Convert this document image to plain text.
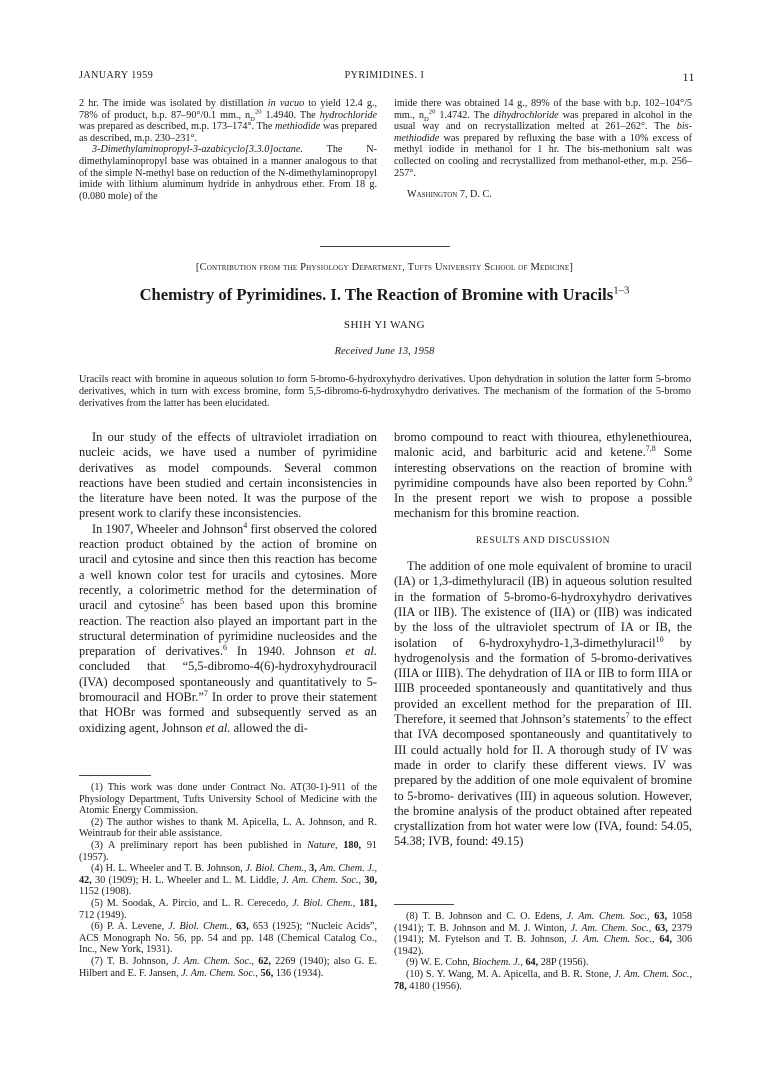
JANUARY 1959	PYRIMIDINES. I	11

2 hr. The imide was isolated by distillation in vacuo to yield 12.4 g., 78% of product, b.p. 87–90°/0.1 mm., $n_D^{20}$ 1.4940. The hydrochloride was prepared as described, m.p. 173–174°. The methiodide was prepared as described, m.p. 230–231°.

3-Dimethylaminopropyl-3-azabicyclo[3.3.0]octane. The N-dimethylaminopropyl base was obtained in a manner analogous to that of the simple N-methyl base on reduction of the N-dimethylaminopropyl imide with lithium aluminum hydride in anhydrous ether. From 18 g. (0.080 mole) of the

imide there was obtained 14 g., 89% of the base with b.p. 102–104°/5 mm., $n_D^{20}$ 1.4742. The dihydrochloride was prepared in alcohol in the usual way and on recrystallization melted at 261–262°. The bis-methiodide was prepared by refluxing the base with a 10% excess of methyl iodide in methanol for 1 hr. The bis-methonium salt was collected on cooling and recrystallized from methanol-ether, m.p. 256–257°.

Washington 7, D. C.

[Contribution from the Physiology Department, Tufts University School of Medicine]
Chemistry of Pyrimidines. I. The Reaction of Bromine with Uracils$^{1-3}$
SHIH YI WANG
Received June 13, 1958
Uracils react with bromine in aqueous solution to form 5-bromo-6-hydroxyhydro derivatives. Upon dehydration in solution the latter form 5-bromo derivatives, which in turn with excess bromine, form 5,5-dibromo-6-hydroxyhydro derivatives. The mechanism of the formation of the 5-bromo derivatives from the latter has been elucidated.

In our study of the effects of ultraviolet irradiation on nucleic acids, we have used a number of pyrimidine derivatives as model compounds. Several common reactions have been studied and certain inconsistencies in the literature have been noted. It was the purpose of the present work to clarify these inconsistencies.

In 1907, Wheeler and Johnson$^4$ first observed the colored reaction product obtained by the action of bromine on uracil and cytosine and since then this reaction has become a well known color test for uracils and cytosines. More recently, a colorimetric method for the determination of uracil and cytosine$^5$ has been based upon this bromine reaction. The reaction also played an important part in the structural determination of pyrimidine nucleosides and the preparation of derivatives.$^6$ In 1940. Johnson et al. concluded that “5,5-dibromo-4(6)-hydroxyhydrouracil (IVA) decomposed spontaneously and quantitatively to 5-bromouracil and HOBr.”$^7$ In order to prove their statement that HOBr was formed and subsequently served as an oxidizing agent, Johnson et al. allowed the di-

(1) This work was done under Contract No. AT(30-1)-911 of the Physiology Department, Tufts University School of Medicine with the Atomic Energy Commission.

(2) The author wishes to thank M. Apicella, L. A. Johnson, and R. Weintraub for their able assistance.

(3) A preliminary report has been published in Nature, 180, 91 (1957).

(4) H. L. Wheeler and T. B. Johnson, J. Biol. Chem., 3, Am. Chem. J., 42, 30 (1909); H. L. Wheeler and L. M. Liddle, J. Am. Chem. Soc., 30, 1152 (1908).

(5) M. Soodak, A. Pircio, and L. R. Cerecedo, J. Biol. Chem., 181, 712 (1949).

(6) P. A. Levene, J. Biol. Chem., 63, 653 (1925); “Nucleic Acids”, ACS Monograph No. 56, pp. 54 and pp. 148 (Chemical Catalog Co., Inc., New York, 1931).

(7) T. B. Johnson, J. Am. Chem. Soc., 62, 2269 (1940); also G. E. Hilbert and E. F. Jansen, J. Am. Chem. Soc., 56, 136 (1934).

bromo compound to react with thiourea, ethylenethiourea, malonic acid, and barbituric acid and ketene.$^{7,8}$ Some interesting observations on the reaction of bromine with pyrimidine compounds have also been reported by Cohn.$^9$ In the present report we wish to propose a possible mechanism for this bromine reaction.

RESULTS AND DISCUSSION

The addition of one mole equivalent of bromine to uracil (IA) or 1,3-dimethyluracil (IB) in aqueous solution resulted in the formation of 5-bromo-6-hydroxyhydro derivatives (IIA or IIB). The existence of (IIA) or (IIB) was indicated by the loss of the ultraviolet spectrum of IA or IB, the isolation of 6-hydroxyhydro-1,3-dimethyluracil$^{10}$ by hydrogenolysis and the formation of 5-bromo-derivatives (IIIA or IIIB). The dehydration of IIA or IIB to form IIIA or IIIB proceeded spontaneously and quantitatively and thus provided an excellent method for the preparation of III. Therefore, it seemed that Johnson’s statements$^7$ to the effect that IVA decomposed spontaneously and quantitatively to III could actually hold for II. A thorough study of IV was made in order to clarify these different views. IV was prepared by the addition of one mole equivalent of bromine to 5-bromo- derivatives (III) in aqueous solution. However, the bromine analysis of the product obtained after repeated crystallization from hot water were low (IVA, found: 54.05, 54.38; IVB, found: 49.15)

(8) T. B. Johnson and C. O. Edens, J. Am. Chem. Soc., 63, 1058 (1941); T. B. Johnson and M. J. Winton, J. Am. Chem. Soc., 63, 2379 (1941); M. Fytelson and T. B. Johnson, J. Am. Chem. Soc., 64, 306 (1942).

(9) W. E. Cohn, Biochem. J., 64, 28P (1956).

(10) S. Y. Wang, M. A. Apicella, and B. R. Stone, J. Am. Chem. Soc., 78, 4180 (1956).
